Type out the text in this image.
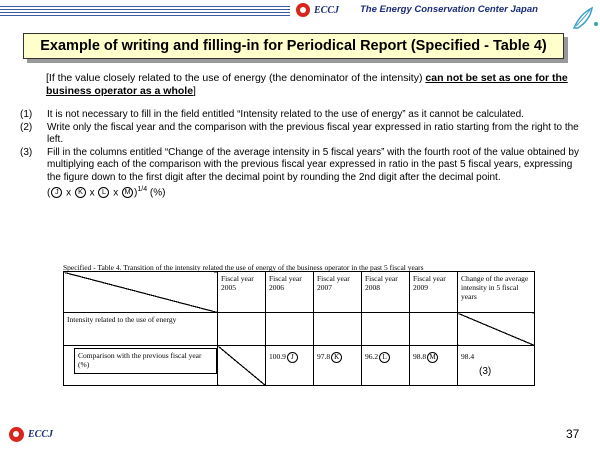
ECCJ The Energy Conservation Center Japan
Example of writing and filling-in for Periodical Report (Specified - Table 4)
[If the value closely related to the use of energy (the denominator of the intensity) can not be set as one for the business operator as a whole]
(1)	It is not necessary to fill in the field entitled “Intensity related to the use of energy” as it cannot be calculated.
(2)	Write only the fiscal year and the comparison with the previous fiscal year expressed in ratio starting from the right to the left.
(3)	Fill in the columns entitled “Change of the average intensity in 5 fiscal years” with the fourth root of the value obtained by multiplying each of the comparison with the previous fiscal year expressed in ratio in the past 5 fiscal years, expressing the figure down to the first digit after the decimal point by rounding the 2nd digit after the decimal point.
( J x K x L x M )$^{1/4}$ (%)
Specified - Table 4. Transition of the intensity related the use of energy of the business operator in the past 5 fiscal years
	Fiscal year 2005	Fiscal year 2006	Fiscal year 2007	Fiscal year 2008	Fiscal year 2009	Change of the average intensity in 5 fiscal years
Intensity related to the use of energy						

Comparison with the previous fiscal year (%)		100.9 J	97.8 K	96.2 L	98.8 M	98.4
(3)
ECCJ	37
